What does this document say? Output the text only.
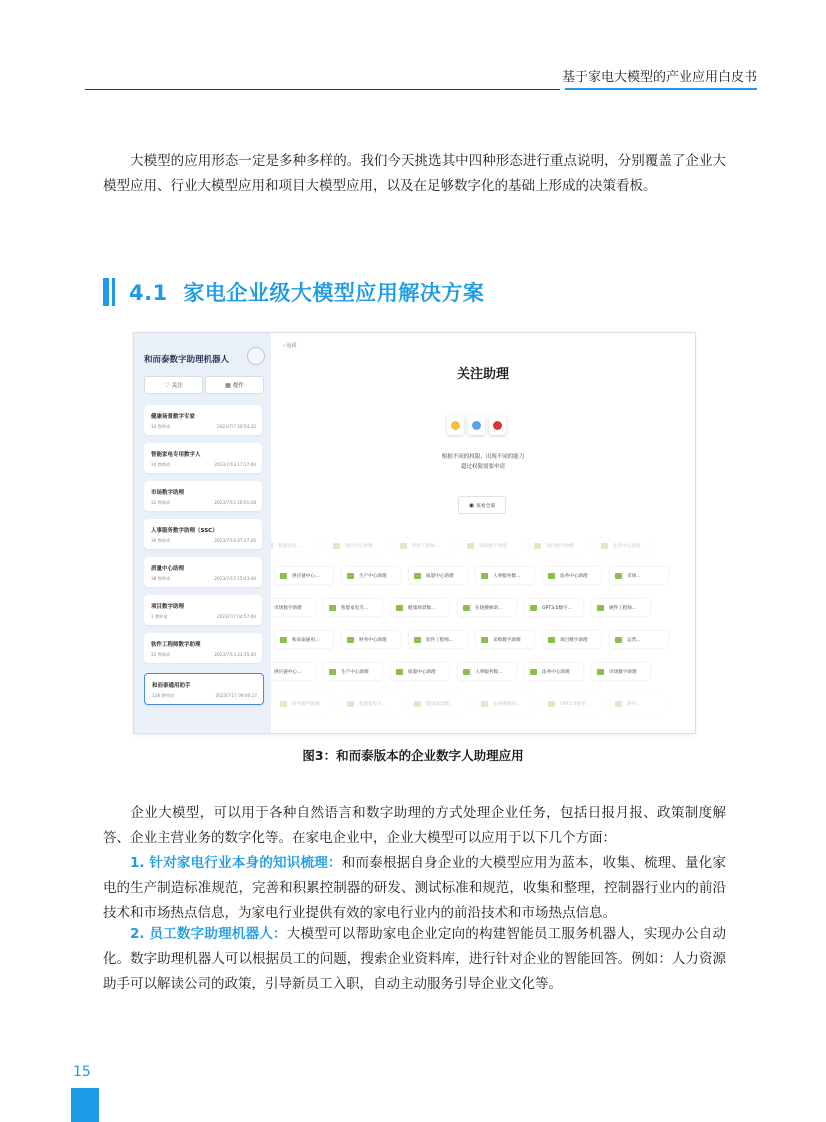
基于家电大模型的产业应用白皮书
大模型的应用形态一定是多种多样的。我们今天挑选其中四种形态进行重点说明，分别覆盖了企业大模型应用、行业大模型应用和项目大模型应用，以及在足够数字化的基础上形成的决策看板。
4.1 家电企业级大模型应用解决方案
和而泰数字助理机器人
♡ 关注	▦ 提件
健康场景数字专家
10 教师请	2023/7/7 20:54:32
智能家电专用数字人
24 教师请	2023/7/13 17:17:00
市场数字助理
32 教师请	2023/7/15 16:01:28
人事服务数字助理（SSC）
36 教师请	2023/7/14 07:27:26
质量中心助理
38 教师请	2023/7/13 15:43:46
项目数字助理
2 教师请	2023/7/7 04:57:00
软件工程师数字助理
22 教师请	2023/7/13 23:35:00
和而泰通用助手
128 教师请	2023/7/17 09:00:27
‹ 返回
关注助理
根据不同的权限，出现不同的能力
超过权限需要申请
◉ 查看全部
智能家电...	项目中心助理	软件工程师...	采购数字助理	项目数字助理	法务中心助理
供应链中心...	生产中心助理	质量中心助理	人事服务数...	法务中心助理	市场...
市场数字助理	智能家电专...	健康场景数...	在线搜索助...	GPT3.5数字...	硬件工程师...
和而泰通用...	财务中心助理	软件工程师...	采购数字助理	项目数字助理	运营...
供应链中心...	生产中心助理	质量中心助理	人事服务数...	法务中心助理	市场数字助理
财务数字助理	智能家电专...	健康场景数...	在线搜索助...	GPT3.5数字...	硬件...
图3：和而泰版本的企业数字人助理应用
企业大模型，可以用于各种自然语言和数字助理的方式处理企业任务，包括日报月报、政策制度解答、企业主营业务的数字化等。在家电企业中，企业大模型可以应用于以下几个方面：
1. 针对家电行业本身的知识梳理：和而泰根据自身企业的大模型应用为蓝本，收集、梳理、量化家电的生产制造标准规范，完善和积累控制器的研发、测试标准和规范，收集和整理，控制器行业内的前沿技术和市场热点信息，为家电行业提供有效的家电行业内的前沿技术和市场热点信息。
2. 员工数字助理机器人：大模型可以帮助家电企业定向的构建智能员工服务机器人，实现办公自动化。数字助理机器人可以根据员工的问题，搜索企业资料库，进行针对企业的智能回答。例如：人力资源助手可以解读公司的政策，引导新员工入职，自动主动服务引导企业文化等。
15
